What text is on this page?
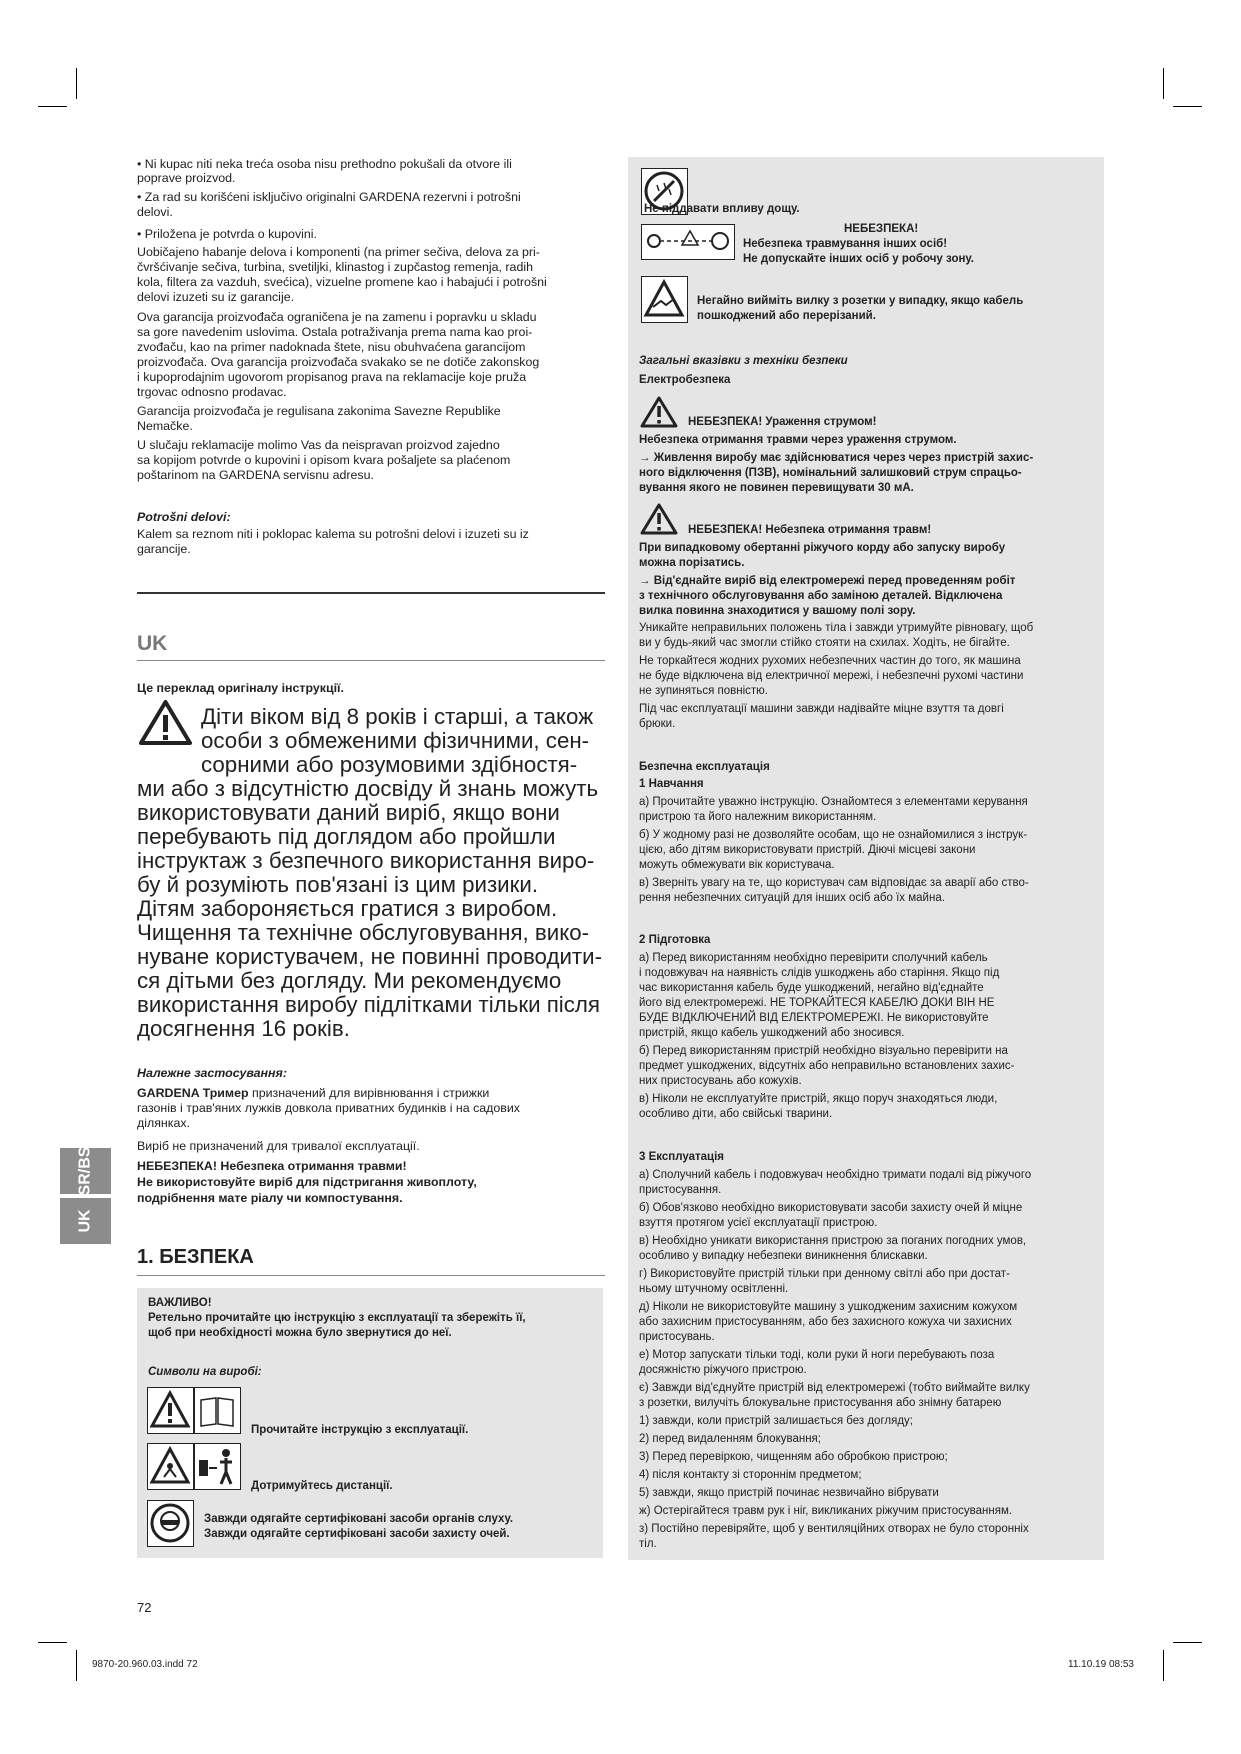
• Ni kupac niti neka treća osoba nisu prethodno pokušali da otvore ili
poprave proizvod.
• Za rad su korišćeni isključivo originalni GARDENA rezervni i potrošni
delovi.
• Priložena je potvrda o kupovini.
Uobičajeno habanje delova i komponenti (na primer sečiva, delova za pri-
čvršćivanje sečiva, turbina, svetiljki, klinastog i zupčastog remenja, radih
kola, filtera za vazduh, svećica), vizuelne promene kao i habajući i potrošni
delovi izuzeti su iz garancije.
Ova garancija proizvođača ograničena je na zamenu i popravku u skladu
sa gore navedenim uslovima. Ostala potraživanja prema nama kao proi-
zvođaču, kao na primer nadoknada štete, nisu obuhvaćena garancijom
proizvođača. Ova garancija proizvođača svakako se ne dotiče zakonskog
i kupoprodajnim ugovorom propisanog prava na reklamacije koje pruža
trgovac odnosno prodavac.
Garancija proizvođača je regulisana zakonima Savezne Republike
Nemačke.
U slučaju reklamacije molimo Vas da neispravan proizvod zajedno
sa kopijom potvrde o kupovini i opisom kvara pošaljete sa plaćenom
poštarinom na GARDENA servisnu adresu.
Potrošni delovi:
Kalem sa reznom niti i poklopac kalema su potrošni delovi i izuzeti su iz
garancije.
UK
Це переклад оригіналу інструкції.
Діти віком від 8 років і старші, а також
особи з обмеженими фізичними, сен-
сорними або розумовими здібностя-
ми або з відсутністю досвіду й знань можуть
використовувати даний виріб, якщо вони
перебувають під доглядом або пройшли
інструктаж з безпечного використання виро-
бу й розуміють пов'язані із цим ризики.
Дітям забороняється гратися з виробом.
Чищення та технічне обслуговування, вико-
нуване користувачем, не повинні проводити-
ся дітьми без догляду. Ми рекомендуємо
використання виробу підлітками тільки після
досягнення 16 років.
Належне застосування:
GARDENA Тример призначений для вирівнювання і стрижки
газонів і трав'яних лужків довкола приватних будинків і на садових
ділянках.
Виріб не призначений для тривалої експлуатації.
НЕБЕЗПЕКА! Небезпека отримання травми!
Не використовуйте виріб для підстригання живоплоту,
подрібнення мате ріалу чи компостування.
1. БЕЗПЕКА
ВАЖЛИВО!
Ретельно прочитайте цю інструкцію з експлуатації та збережіть її,
щоб при необхідності можна було звернутися до неї.
Символи на виробі:
Прочитайте інструкцію з експлуатації.
Дотримуйтесь дистанції.
Завжди одягайте сертифіковані засоби органів слуху.
Завжди одягайте сертифіковані засоби захисту очей.
SR/BS
UK
Не піддавати впливу дощу.
НЕБЕЗПЕКА!
Небезпека травмування інших осіб!
Не допускайте інших осіб у робочу зону.
Негайно вийміть вилку з розетки у випадку, якщо кабель
пошкоджений або перерізаний.
Загальні вказівки з техніки безпеки
Електробезпека
НЕБЕЗПЕКА! Ураження струмом!
Небезпека отримання травми через ураження струмом.
→ Живлення виробу має здійснюватися через через пристрій захис-
ного відключення (ПЗВ), номінальний залишковий струм спрацьо-
вування якого не повинен перевищувати 30 мА.
НЕБЕЗПЕКА! Небезпека отримання травм!
При випадковому обертанні ріжучого корду або запуску виробу
можна порізатись.
→ Від'єднайте виріб від електромережі перед проведенням робіт
з технічного обслуговування або заміною деталей. Відключена
вилка повинна знаходитися у вашому полі зору.
Уникайте неправильних положень тіла і завжди утримуйте рівновагу, щоб
ви у будь-який час змогли стійко стояти на схилах. Ходіть, не бігайте.
Не торкайтеся жодних рухомих небезпечних частин до того, як машина
не буде відключена від електричної мережі, і небезпечні рухомі частини
не зупиняться повністю.
Під час експлуатації машини завжди надівайте міцне взуття та довгі
брюки.
Безпечна експлуатація
1 Навчання
а) Прочитайте уважно інструкцію. Ознайомтеся з елементами керування
пристрою та його належним використанням.
б) У жодному разі не дозволяйте особам, що не ознайомилися з інструк-
цією, або дітям використовувати пристрій. Діючі місцеві закони
можуть обмежувати вік користувача.
в) Зверніть увагу на те, що користувач сам відповідає за аварії або ство-
рення небезпечних ситуацій для інших осіб або їх майна.
2 Підготовка
а) Перед використанням необхідно перевірити сполучний кабель
і подовжувач на наявність слідів ушкоджень або старіння. Якщо під
час використання кабель буде ушкоджений, негайно від'єднайте
його від електромережі. НЕ ТОРКАЙТЕСЯ КАБЕЛЮ ДОКИ ВІН НЕ
БУДЕ ВІДКЛЮЧЕНИЙ ВІД ЕЛЕКТРОМЕРЕЖІ. Не використовуйте
пристрій, якщо кабель ушкоджений або зносився.
б) Перед використанням пристрій необхідно візуально перевірити на
предмет ушкоджених, відсутніх або неправильно встановлених захис-
них пристосувань або кожухів.
в) Ніколи не експлуатуйте пристрій, якщо поруч знаходяться люди,
особливо діти, або свійські тварини.
3 Експлуатація
а) Сполучний кабель і подовжувач необхідно тримати подалі від ріжучого
пристосування.
б) Обов'язково необхідно використовувати засоби захисту очей й міцне
взуття протягом усієї експлуатації пристрою.
в) Необхідно уникати використання пристрою за поганих погодних умов,
особливо у випадку небезпеки виникнення блискавки.
г) Використовуйте пристрій тільки при денному світлі або при достат-
ньому штучному освітленні.
д) Ніколи не використовуйте машину з ушкодженим захисним кожухом
або захисним пристосуванням, або без захисного кожуха чи захисних
пристосувань.
е) Мотор запускати тільки тоді, коли руки й ноги перебувають поза
досяжністю ріжучого пристрою.
є) Завжди від'єднуйте пристрій від електромережі (тобто виймайте вилку
з розетки, вилучіть блокувальне пристосування або знімну батарею
1) завжди, коли пристрій залишається без догляду;
2) перед видаленням блокування;
3) Перед перевіркою, чищенням або обробкою пристрою;
4) після контакту зі стороннім предметом;
5) завжди, якщо пристрій починає незвичайно вібрувати
ж) Остерігайтеся травм рук і ніг, викликаних ріжучим пристосуванням.
з) Постійно перевіряйте, щоб у вентиляційних отворах не було сторонніх
тіл.
72
9870-20.960.03.indd 72	11.10.19 08:53
